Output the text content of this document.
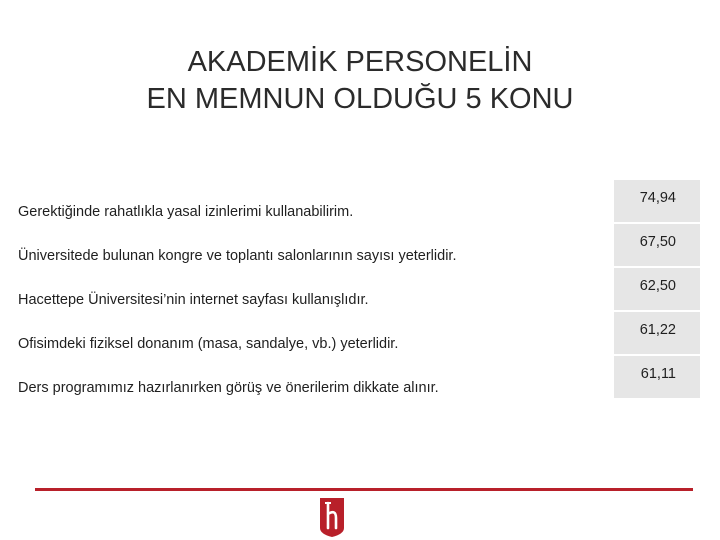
AKADEMİK PERSONELİN
EN MEMNUN OLDUĞU 5 KONU
Gerektiğinde rahatlıkla yasal izinlerimi kullanabilirim.
74,94
Üniversitede bulunan kongre ve toplantı salonlarının sayısı yeterlidir.
67,50
Hacettepe Üniversitesi’nin internet sayfası kullanışlıdır.
62,50
Ofisimdeki fiziksel donanım (masa, sandalye, vb.) yeterlidir.
61,22
Ders programımız hazırlanırken görüş ve önerilerim dikkate alınır.
61,11
